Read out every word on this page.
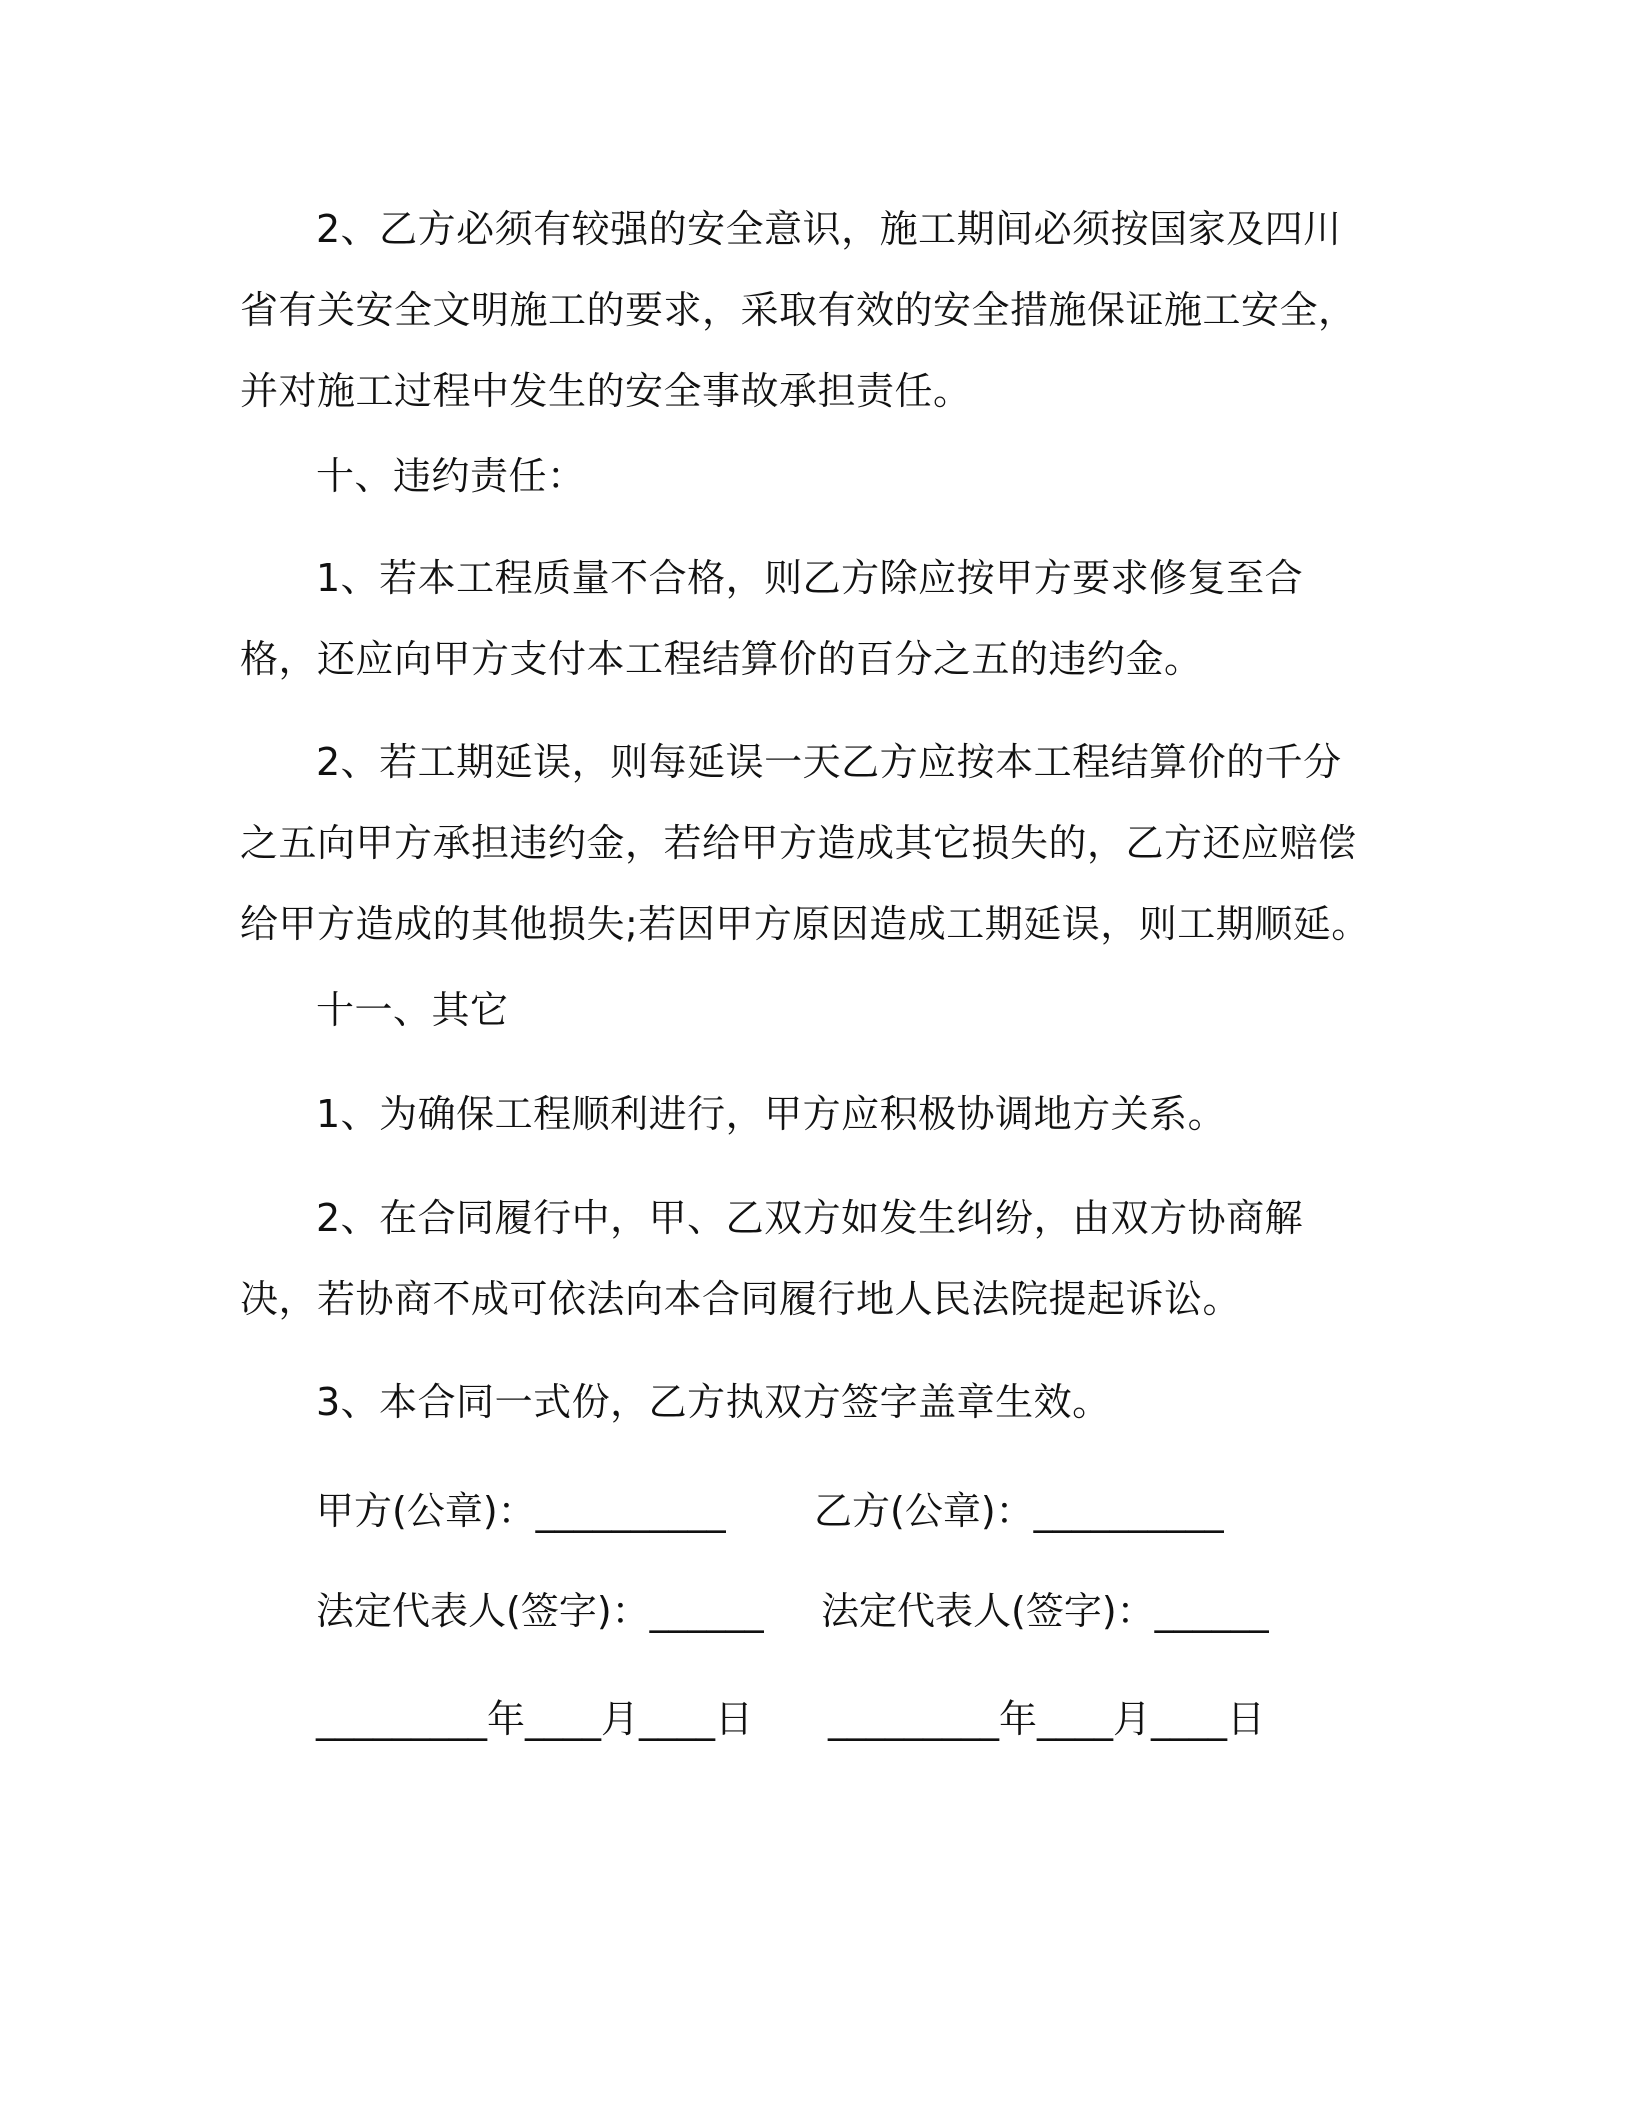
2、乙方必须有较强的安全意识，施工期间必须按国家及四川省有关安全文明施工的要求，采取有效的安全措施保证施工安全，并对施工过程中发生的安全事故承担责任。

十、违约责任：

1、若本工程质量不合格，则乙方除应按甲方要求修复至合格，还应向甲方支付本工程结算价的百分之五的违约金。

2、若工期延误，则每延误一天乙方应按本工程结算价的千分之五向甲方承担违约金，若给甲方造成其它损失的，乙方还应赔偿给甲方造成的其他损失;若因甲方原因造成工期延误，则工期顺延。

十一、其它

1、为确保工程顺利进行，甲方应积极协调地方关系。

2、在合同履行中，甲、乙双方如发生纠纷，由双方协商解决，若协商不成可依法向本合同履行地人民法院提起诉讼。

3、本合同一式份，乙方执双方签字盖章生效。

甲方(公章)：__________

乙方(公章)：__________

法定代表人(签字)：______

法定代表人(签字)：______

_________年____月____日

_________年____月____日
